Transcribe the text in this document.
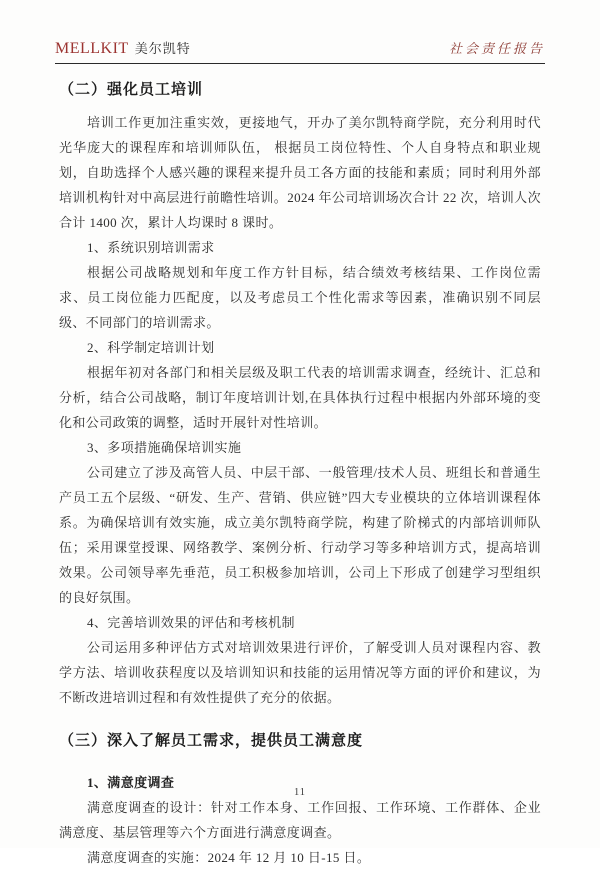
MELLKIT 美尔凯特	社会责任报告
（二）强化员工培训

培训工作更加注重实效，更接地气，开办了美尔凯特商学院，充分利用时代光华庞大的课程库和培训师队伍， 根据员工岗位特性、个人自身特点和职业规划，自助选择个人感兴趣的课程来提升员工各方面的技能和素质；同时利用外部培训机构针对中高层进行前瞻性培训。2024 年公司培训场次合计 22 次，培训人次合计 1400 次，累计人均课时 8 课时。

1、系统识别培训需求

根据公司战略规划和年度工作方针目标，结合绩效考核结果、工作岗位需求、员工岗位能力匹配度，以及考虑员工个性化需求等因素，准确识别不同层级、不同部门的培训需求。

2、科学制定培训计划

根据年初对各部门和相关层级及职工代表的培训需求调查，经统计、汇总和分析，结合公司战略，制订年度培训计划,在具体执行过程中根据内外部环境的变化和公司政策的调整，适时开展针对性培训。

3、多项措施确保培训实施

公司建立了涉及高管人员、中层干部、一般管理/技术人员、班组长和普通生产员工五个层级、“研发、生产、营销、供应链”四大专业模块的立体培训课程体系。为确保培训有效实施，成立美尔凯特商学院，构建了阶梯式的内部培训师队伍；采用课堂授课、网络教学、案例分析、行动学习等多种培训方式，提高培训效果。公司领导率先垂范，员工积极参加培训，公司上下形成了创建学习型组织的良好氛围。

4、完善培训效果的评估和考核机制

公司运用多种评估方式对培训效果进行评价，了解受训人员对课程内容、教学方法、培训收获程度以及培训知识和技能的运用情况等方面的评价和建议，为不断改进培训过程和有效性提供了充分的依据。

（三）深入了解员工需求，提供员工满意度

1、满意度调查

满意度调查的设计：针对工作本身、工作回报、工作环境、工作群体、企业满意度、基层管理等六个方面进行满意度调查。

满意度调查的实施：2024 年 12 月 10 日-15 日。

11
